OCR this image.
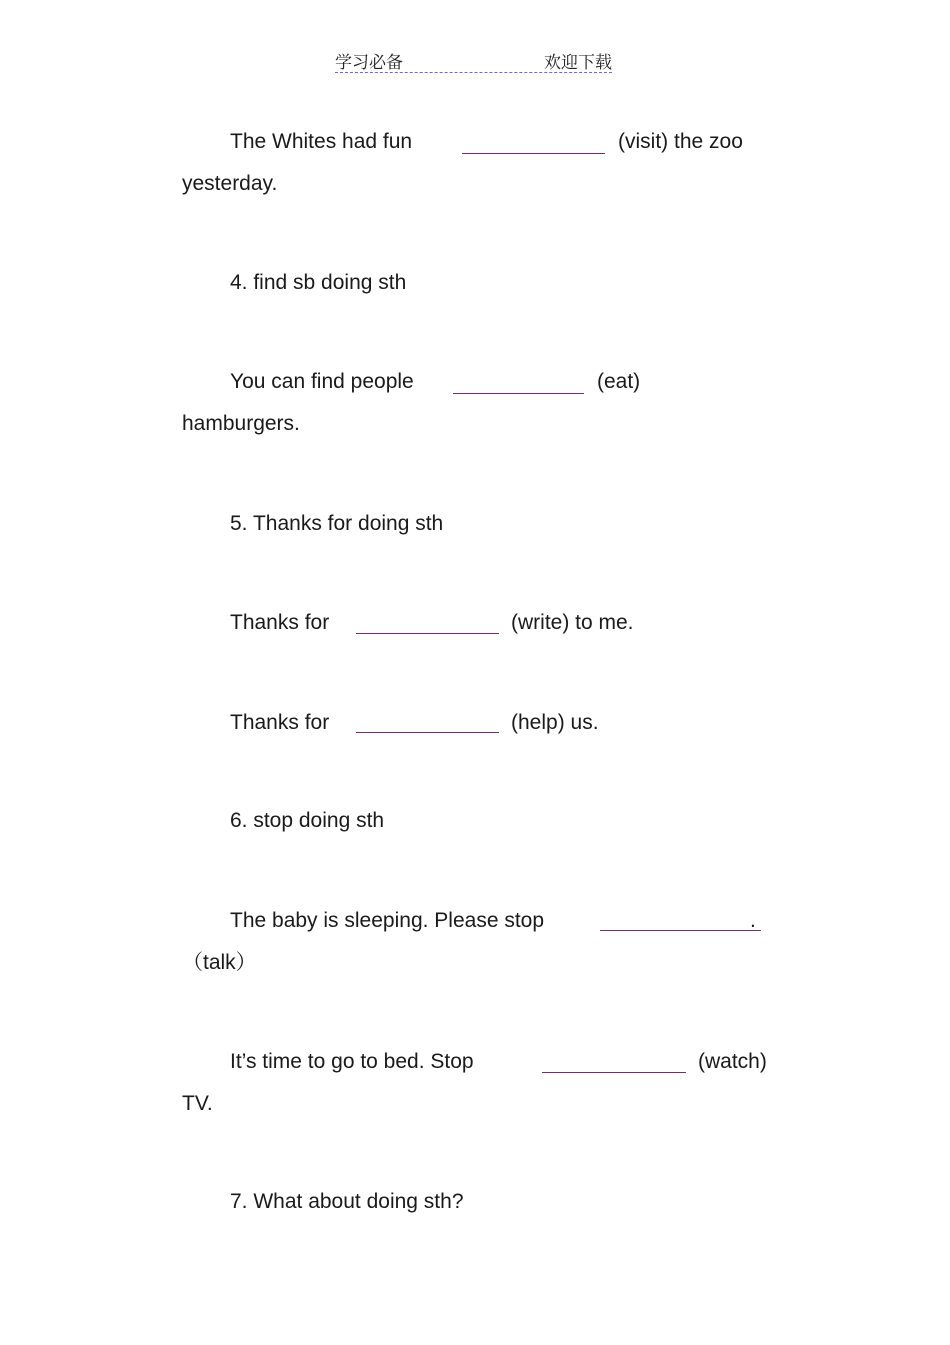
学习必备	欢迎下载
The Whites had fun	(visit) the zoo
yesterday.
4. find sb doing sth
You can find people	(eat)
hamburgers.
5. Thanks for doing sth
Thanks for	(write) to me.
Thanks for	(help) us.
6. stop doing sth
The baby is sleeping. Please stop	.
（talk）
It’s time to go to bed. Stop	(watch)
TV.
7. What about doing sth?
